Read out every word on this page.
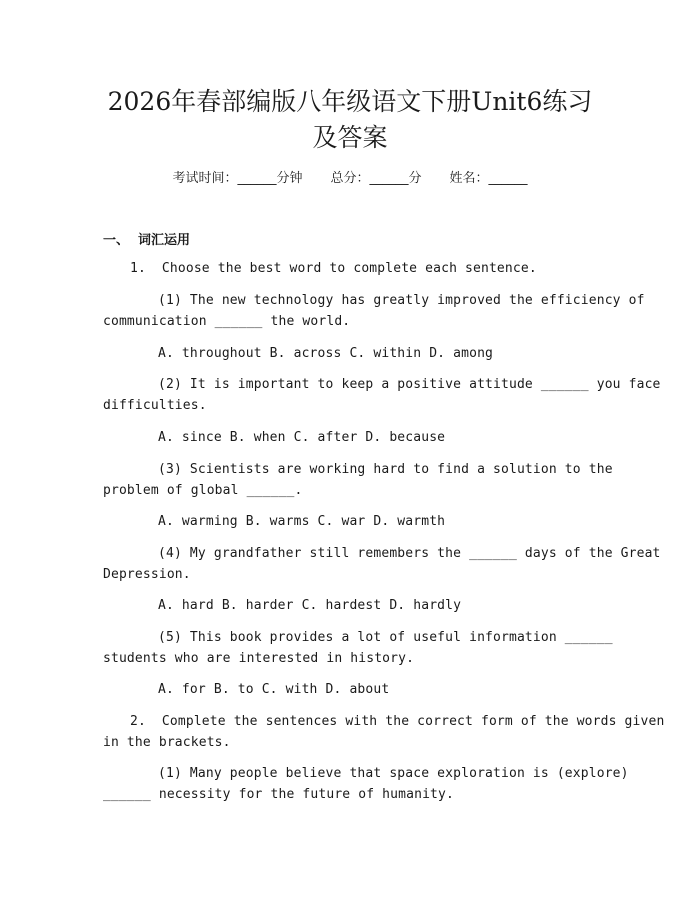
2026年春部编版八年级语文下册Unit6练习
及答案
考试时间：______分钟 总分：______分 姓名：______
一、  词汇运用
1.  Choose the best word to complete each sentence.
(1) The new technology has greatly improved the efficiency of
communication ______ the world.
A. throughout B. across C. within D. among
(2) It is important to keep a positive attitude ______ you face
difficulties.
A. since B. when C. after D. because
(3) Scientists are working hard to find a solution to the
problem of global ______.
A. warming B. warms C. war D. warmth
(4) My grandfather still remembers the ______ days of the Great
Depression.
A. hard B. harder C. hardest D. hardly
(5) This book provides a lot of useful information ______
students who are interested in history.
A. for B. to C. with D. about
2.  Complete the sentences with the correct form of the words given
in the brackets.
(1) Many people believe that space exploration is (explore)
______ necessity for the future of humanity.
